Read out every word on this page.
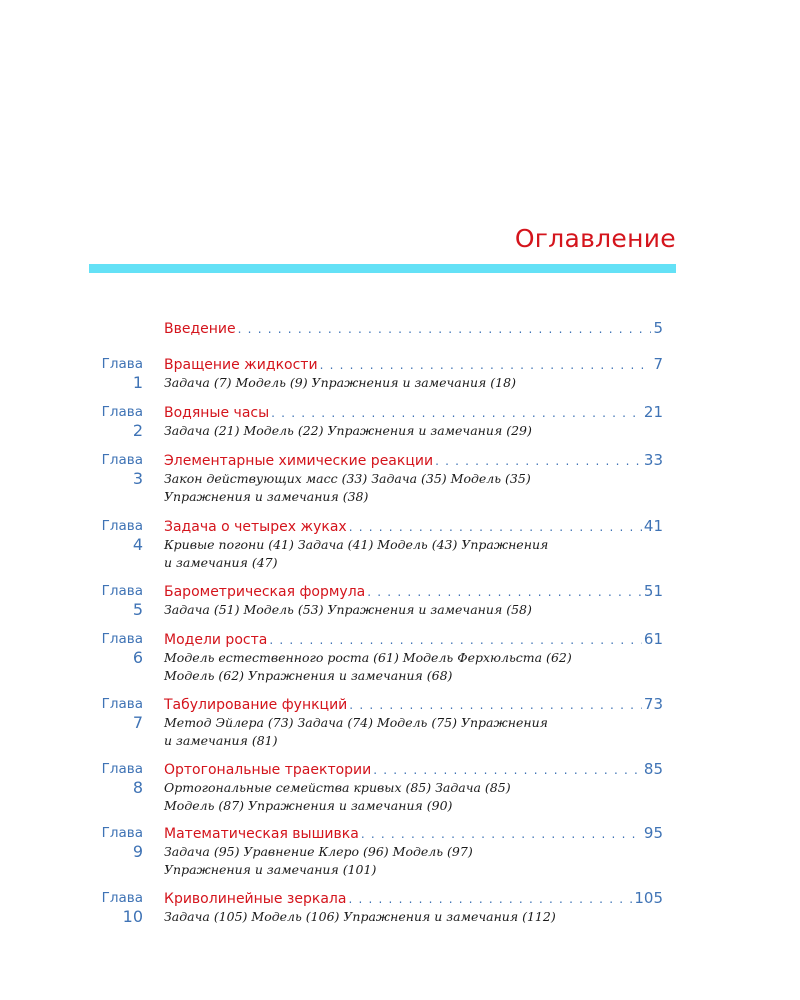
Оглавление
Введение . . .	5
Глава
1
Вращение жидкости . . .	7
Задача (7) Модель (9) Упражнения и замечания (18)
Глава
2
Водяные часы . . .	21
Задача (21) Модель (22) Упражнения и замечания (29)
Глава
3
Элементарные химические реакции . . .	33
Закон действующих масс (33) Задача (35) Модель (35)
Упражнения и замечания (38)
Глава
4
Задача о четырех жуках . . .	41
Кривые погони (41) Задача (41) Модель (43) Упражнения
и замечания (47)
Глава
5
Барометрическая формула . . .	51
Задача (51) Модель (53) Упражнения и замечания (58)
Глава
6
Модели роста . . .	61
Модель естественного роста (61) Модель Ферхюльста (62)
Модель (62) Упражнения и замечания (68)
Глава
7
Табулирование функций . . .	73
Метод Эйлера (73) Задача (74) Модель (75) Упражнения
и замечания (81)
Глава
8
Ортогональные траектории . . .	85
Ортогональные семейства кривых (85) Задача (85)
Модель (87) Упражнения и замечания (90)
Глава
9
Математическая вышивка . . .	95
Задача (95) Уравнение Клеро (96) Модель (97)
Упражнения и замечания (101)
Глава
10
Криволинейные зеркала . . .	105
Задача (105) Модель (106) Упражнения и замечания (112)
